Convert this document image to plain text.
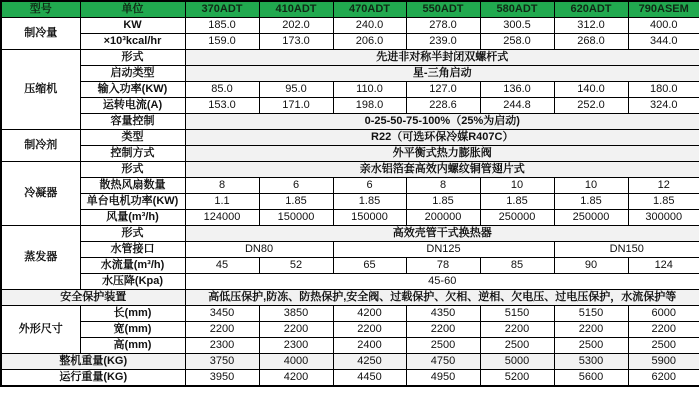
型号	单位	370ADT	410ADT	470ADT	550ADT	580ADT	620ADT	790ASEM
制冷量	KW	185.0	202.0	240.0	278.0	300.5	312.0	400.0
	×10³kcal/hr	159.0	173.0	206.0	239.0	258.0	268.0	344.0
压缩机	形式	先进非对称半封闭双螺杆式						
	启动类型	星-三角启动						
	输入功率(KW)	85.0	95.0	110.0	127.0	136.0	140.0	180.0
	运转电流(A)	153.0	171.0	198.0	228.6	244.8	252.0	324.0
	容量控制	0-25-50-75-100%（25%为启动)						
制冷剂	类型	R22（可选环保冷媒R407C）						
	控制方式	外平衡式热力膨胀阀						
冷凝器	形式	亲水铝箔套高效内螺纹铜管翅片式						
	散热风扇数量	8	6	6	8	10	10	12
	单台电机功率(KW)	1.1	1.85	1.85	1.85	1.85	1.85	1.85
	风量(m³/h)	124000	150000	150000	200000	250000	250000	300000
蒸发器	形式	高效壳管干式换热器						
	水管接口	DN80		DN125			DN150	
	水流量(m³/h)	45	52	65	78	85	90	124
	水压降(Kpa)	45-60						
安全保护装置		高低压保护,防冻、防热保护,安全阀、过载保护、欠相、逆相、欠电压、过电压保护，水流保护等						
外形尺寸	长(mm)	3450	3850	4200	4350	5150	5150	6000
	宽(mm)	2200	2200	2200	2200	2200	2200	2200
	高(mm)	2300	2300	2400	2500	2500	2500	2500
整机重量(KG)		3750	4000	4250	4750	5000	5300	5900
运行重量(KG)		3950	4200	4450	4950	5200	5600	6200
